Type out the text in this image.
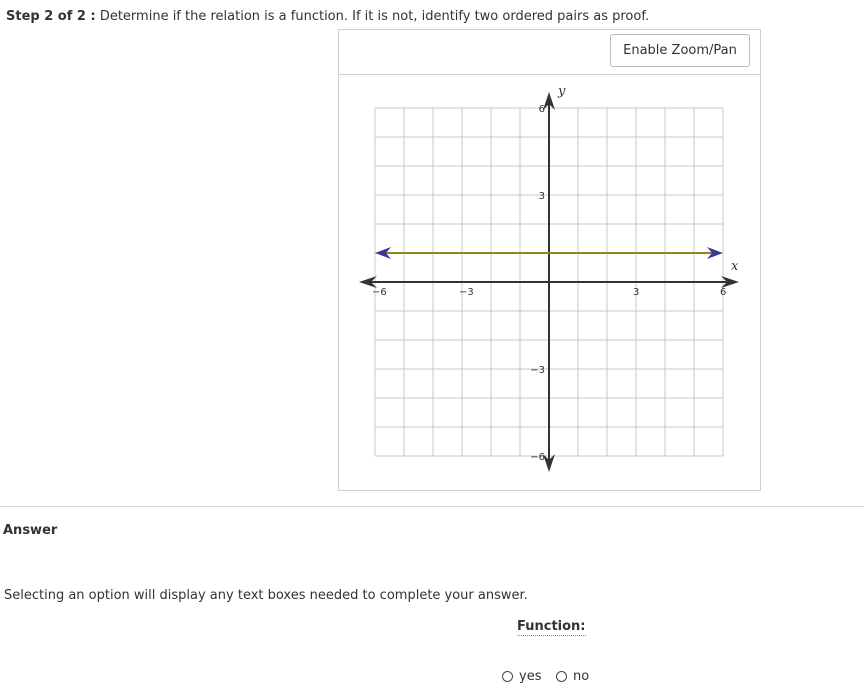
Step 2 of 2 : Determine if the relation is a function. If it is not, identify two ordered pairs as proof.
Enable Zoom/Pan
−6	−3	3	6
6
3
−3
−6
x
y
Answer
Selecting an option will display any text boxes needed to complete your answer.
Function:
yes no
